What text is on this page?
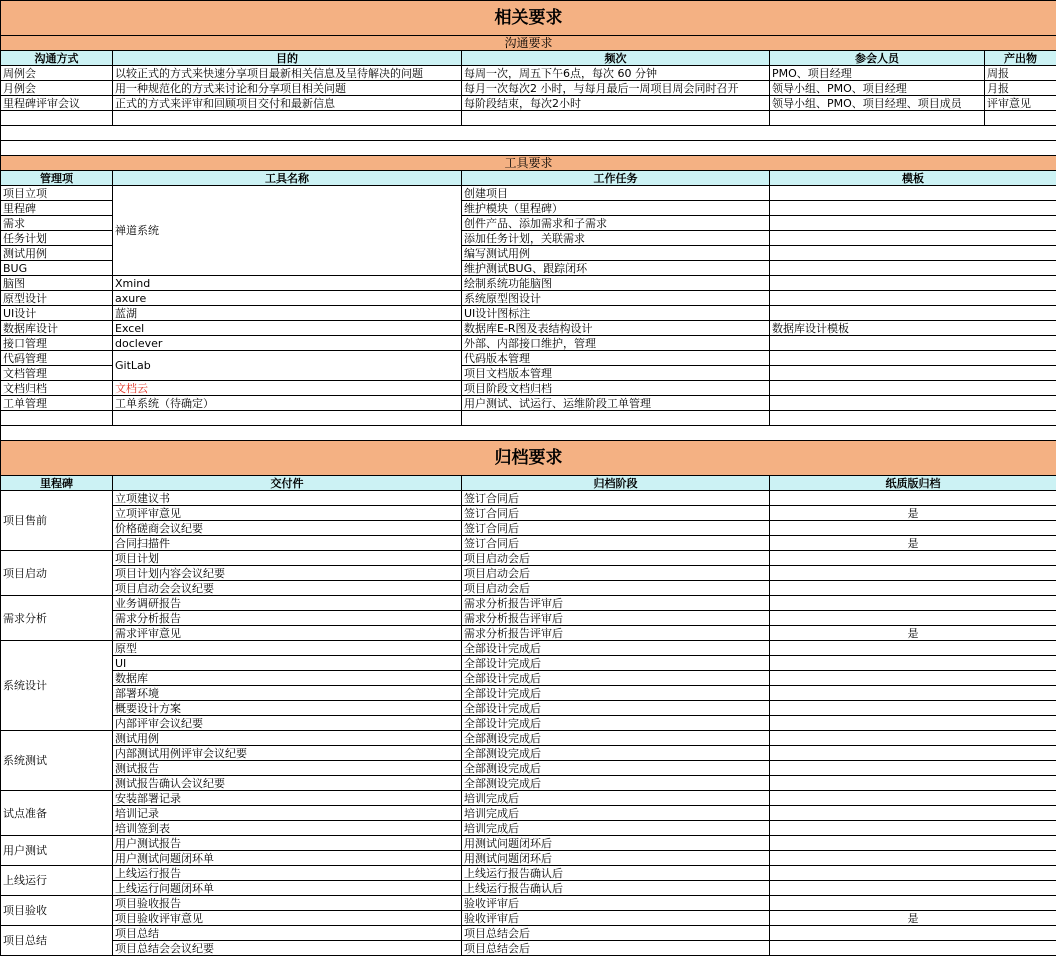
相关要求				
沟通要求				
沟通方式	目的	频次	参会人员	产出物
周例会	以较正式的方式来快速分享项目最新相关信息及呈待解决的问题	每周一次，周五下午6点，每次 60 分钟	PMO、项目经理	周报
月例会	用一种规范化的方式来讨论和分享项目相关问题	每月一次每次2 小时，与每月最后一周项目周会同时召开	领导小组、PMO、项目经理	月报
里程碑评审会议	正式的方式来评审和回顾项目交付和最新信息	每阶段结束，每次2小时	领导小组、PMO、项目经理、项目成员	评审意见

工具要求				
管理项	工具名称	工作任务	模板	
项目立项	禅道系统	创建项目		
里程碑		维护模块（里程碑）		
需求		创件产品、添加需求和子需求		
任务计划		添加任务计划，关联需求		
测试用例		编写测试用例		
BUG		维护测试BUG、跟踪闭环		
脑图	Xmind	绘制系统功能脑图		
原型设计	axure	系统原型图设计		
UI设计	蓝湖	UI设计图标注		
数据库设计	Excel	数据库E-R图及表结构设计	数据库设计模板	
接口管理	doclever	外部、内部接口维护，管理		
代码管理	GitLab	代码版本管理		
文档管理		项目文档版本管理		
文档归档	文档云	项目阶段文档归档		
工单管理	工单系统（待确定）	用户测试、试运行、运维阶段工单管理		

归档要求				
里程碑	交付件	归档阶段	纸质版归档	
项目售前	立项建议书	签订合同后		
	立项评审意见	签订合同后	是	
	价格磋商会议纪要	签订合同后		
	合同扫描件	签订合同后	是	
项目启动	项目计划	项目启动会后		
	项目计划内容会议纪要	项目启动会后		
	项目启动会会议纪要	项目启动会后		
需求分析	业务调研报告	需求分析报告评审后		
	需求分析报告	需求分析报告评审后		
	需求评审意见	需求分析报告评审后	是	
系统设计	原型	全部设计完成后		
	UI	全部设计完成后		
	数据库	全部设计完成后		
	部署环境	全部设计完成后		
	概要设计方案	全部设计完成后		
	内部评审会议纪要	全部设计完成后		
系统测试	测试用例	全部测设完成后		
	内部测试用例评审会议纪要	全部测设完成后		
	测试报告	全部测设完成后		
	测试报告确认会议纪要	全部测设完成后		
试点准备	安装部署记录	培训完成后		
	培训记录	培训完成后		
	培训签到表	培训完成后		
用户测试	用户测试报告	用测试问题闭环后		
	用户测试问题闭环单	用测试问题闭环后		
上线运行	上线运行报告	上线运行报告确认后		
	上线运行问题闭环单	上线运行报告确认后		
项目验收	项目验收报告	验收评审后		
	项目验收评审意见	验收评审后	是	
项目总结	项目总结	项目总结会后		
	项目总结会会议纪要	项目总结会后		
